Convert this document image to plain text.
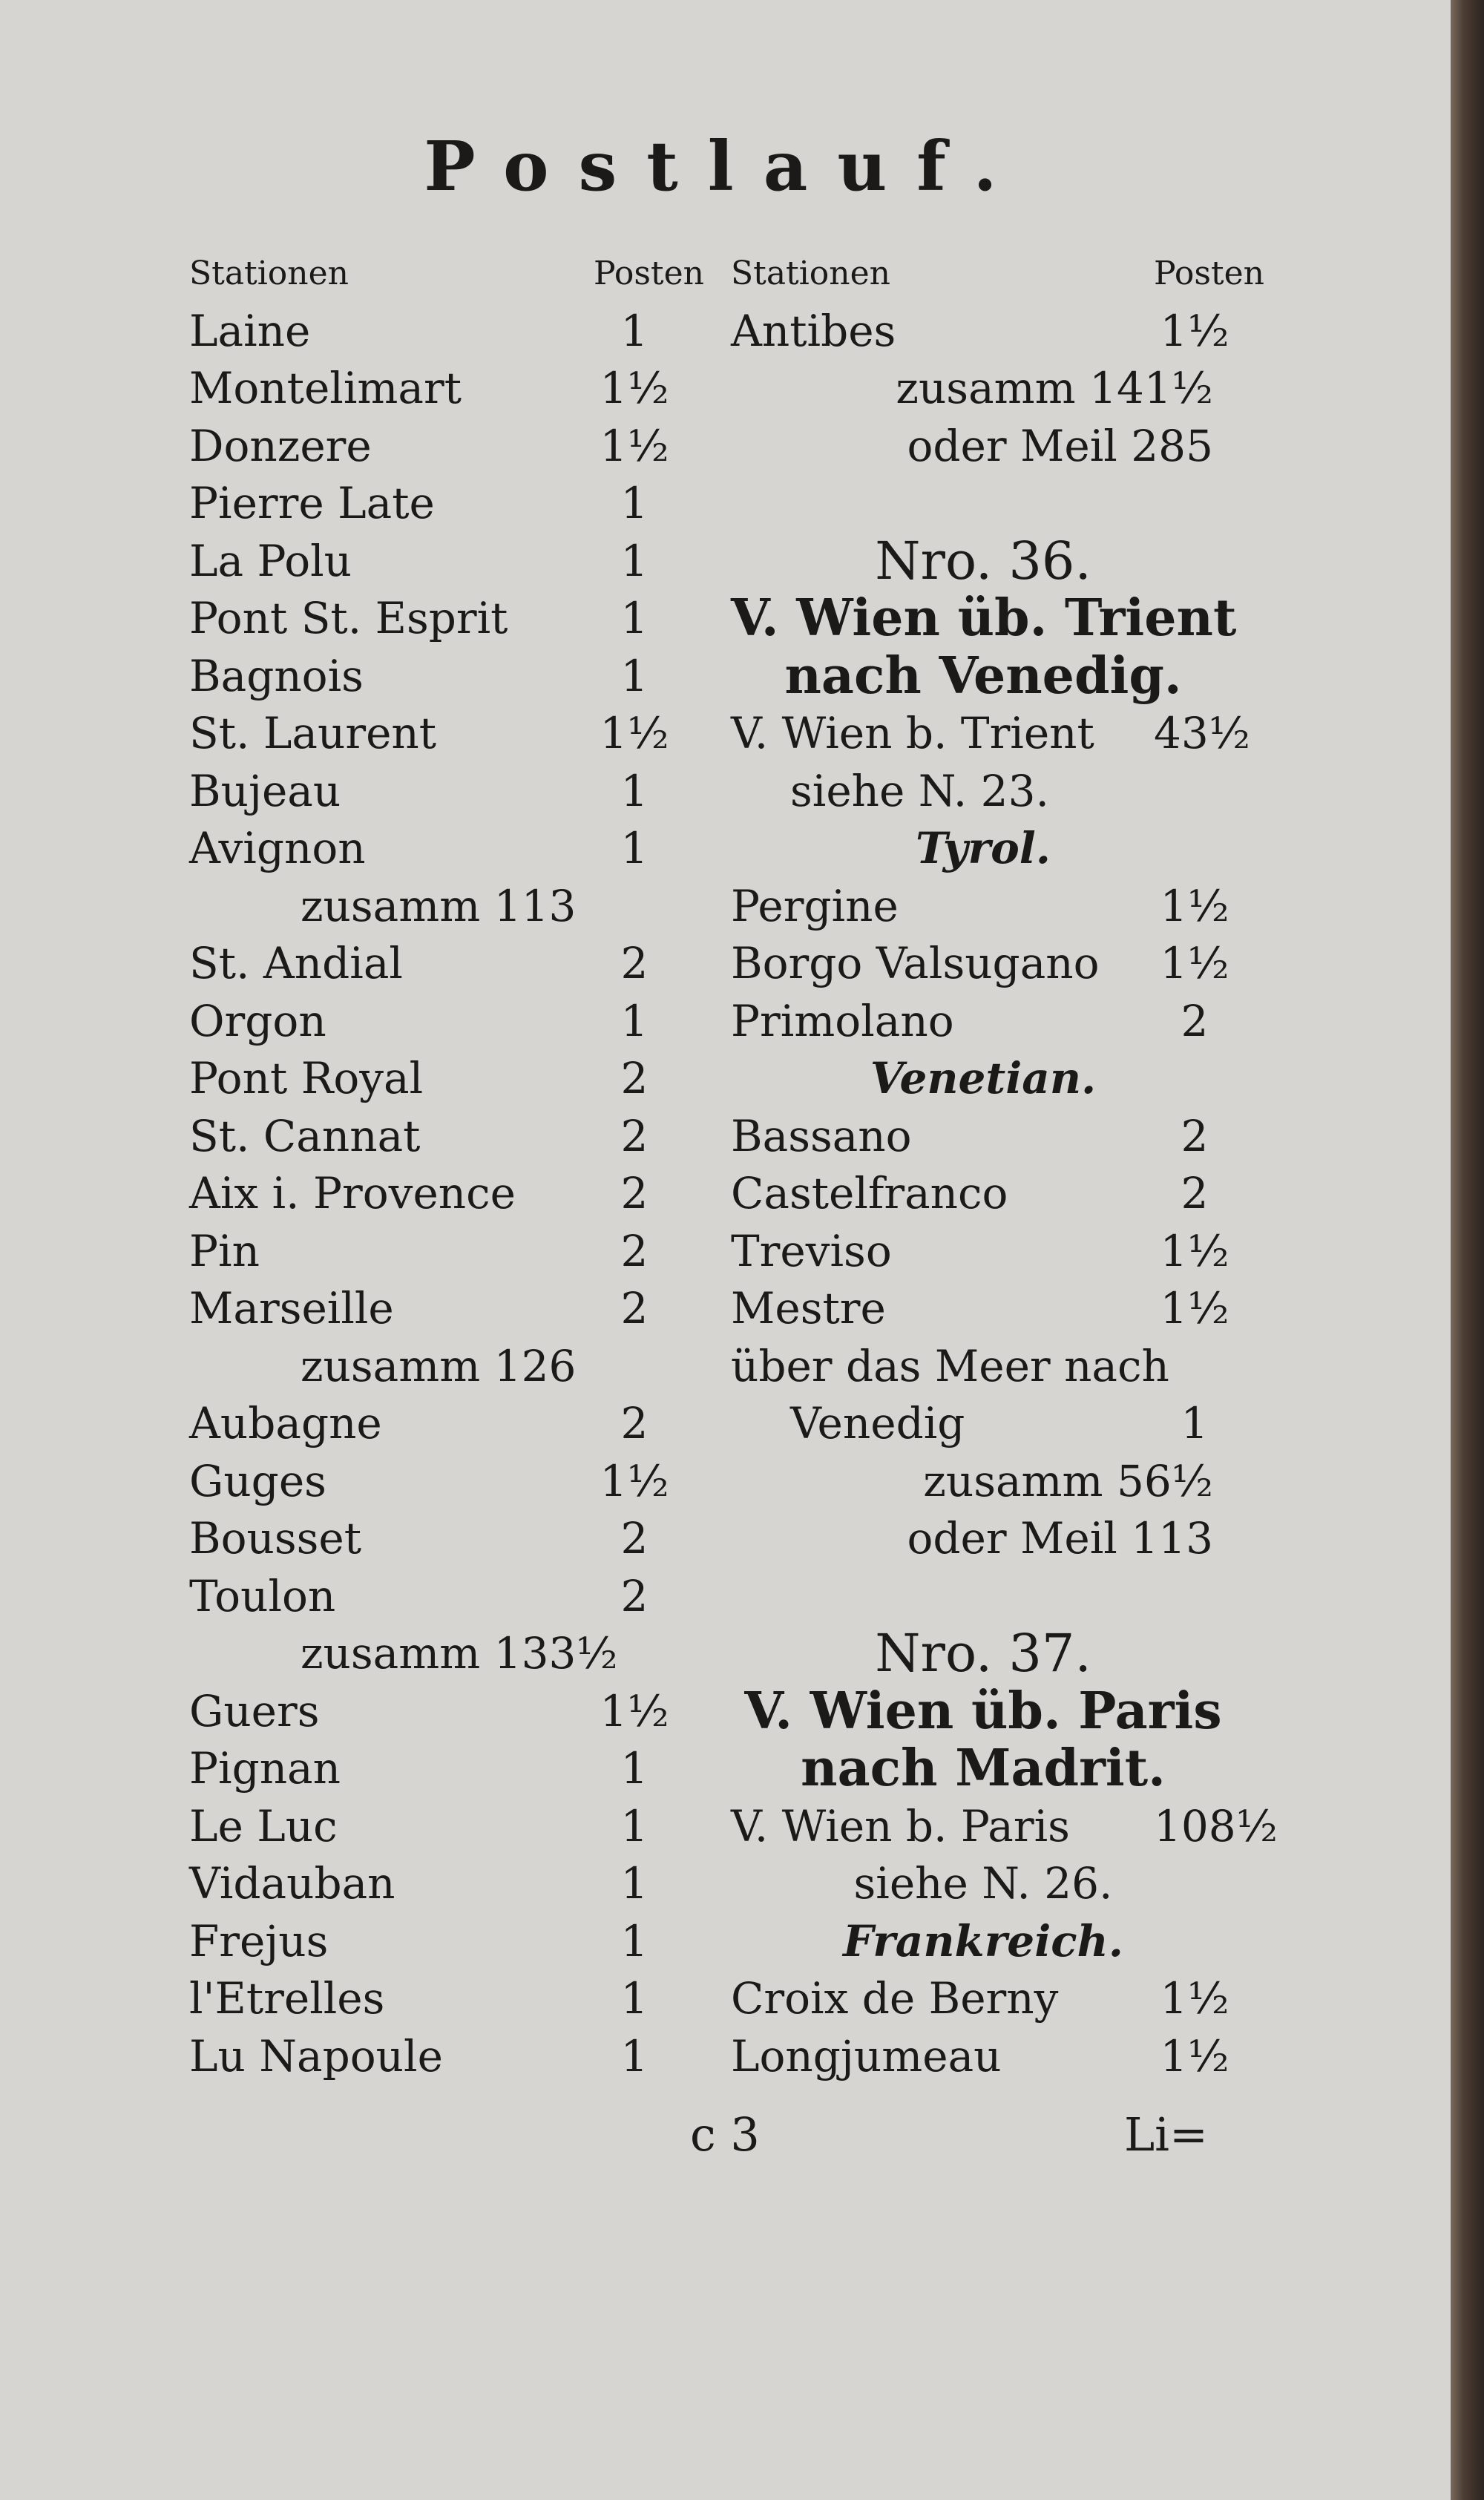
Postlauf.
Stationen	Posten
Laine	1
Montelimart	1½
Donzere	1½
Pierre Late	1
La Polu	1
Pont St. Esprit	1
Bagnois	1
St. Laurent	1½
Bujeau	1
Avignon	1
zusamm 113
St. Andial	2
Orgon	1
Pont Royal	2
St. Cannat	2
Aix i. Provence	2
Pin	2
Marseille	2
zusamm 126
Aubagne	2
Guges	1½
Bousset	2
Toulon	2
zusamm 133½
Guers	1½
Pignan	1
Le Luc	1
Vidauban	1
Frejus	1
l'Etrelles	1
Lu Napoule	1
Stationen	Posten
Antibes	1½
zusamm 141½
oder Meil 285
Nro. 36.
V. Wien üb. Trient
nach Venedig.
V. Wien b. Trient 43½
siehe N. 23.
Tyrol.
Pergine	1½
Borgo Valsugano 1½
Primolano	2
Venetian.
Bassano	2
Castelfranco	2
Treviso	1½
Mestre	1½
über das Meer nach
Venedig	1
zusamm 56½
oder Meil 113
Nro. 37.
V. Wien üb. Paris
nach Madrit.
V. Wien b. Paris 108½
siehe N. 26.
Frankreich.
Croix de Berny 1½
Longjumeau	1½
c 3	Li=
